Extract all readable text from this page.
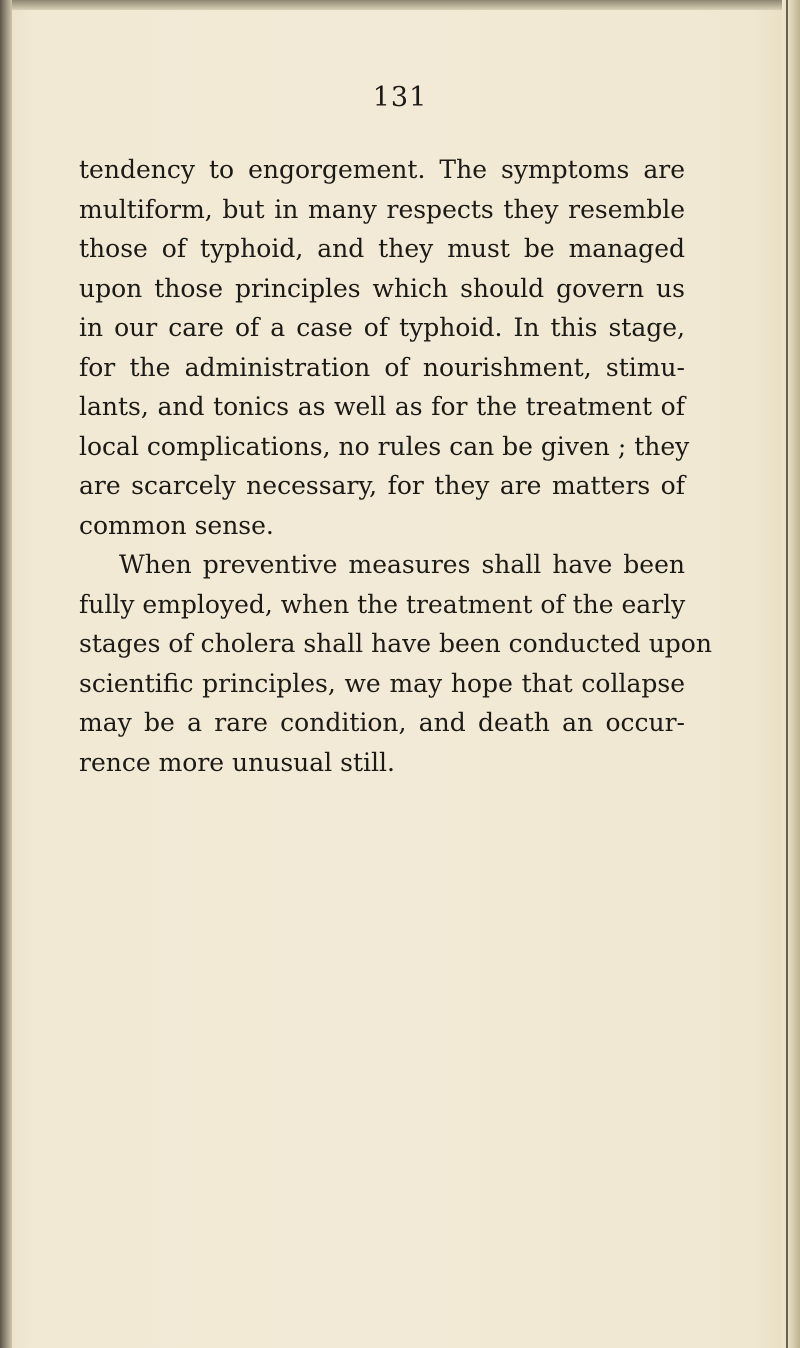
131
tendency to engorgement. The symptoms are
multiform, but in many respects they resemble
those of typhoid, and they must be managed
upon those principles which should govern us
in our care of a case of typhoid. In this stage,
for the administration of nourishment, stimu-
lants, and tonics as well as for the treatment of
local complications, no rules can be given ; they
are scarcely necessary, for they are matters of
common sense.
When preventive measures shall have been
fully employed, when the treatment of the early
stages of cholera shall have been conducted upon
scientific principles, we may hope that collapse
may be a rare condition, and death an occur-
rence more unusual still.
